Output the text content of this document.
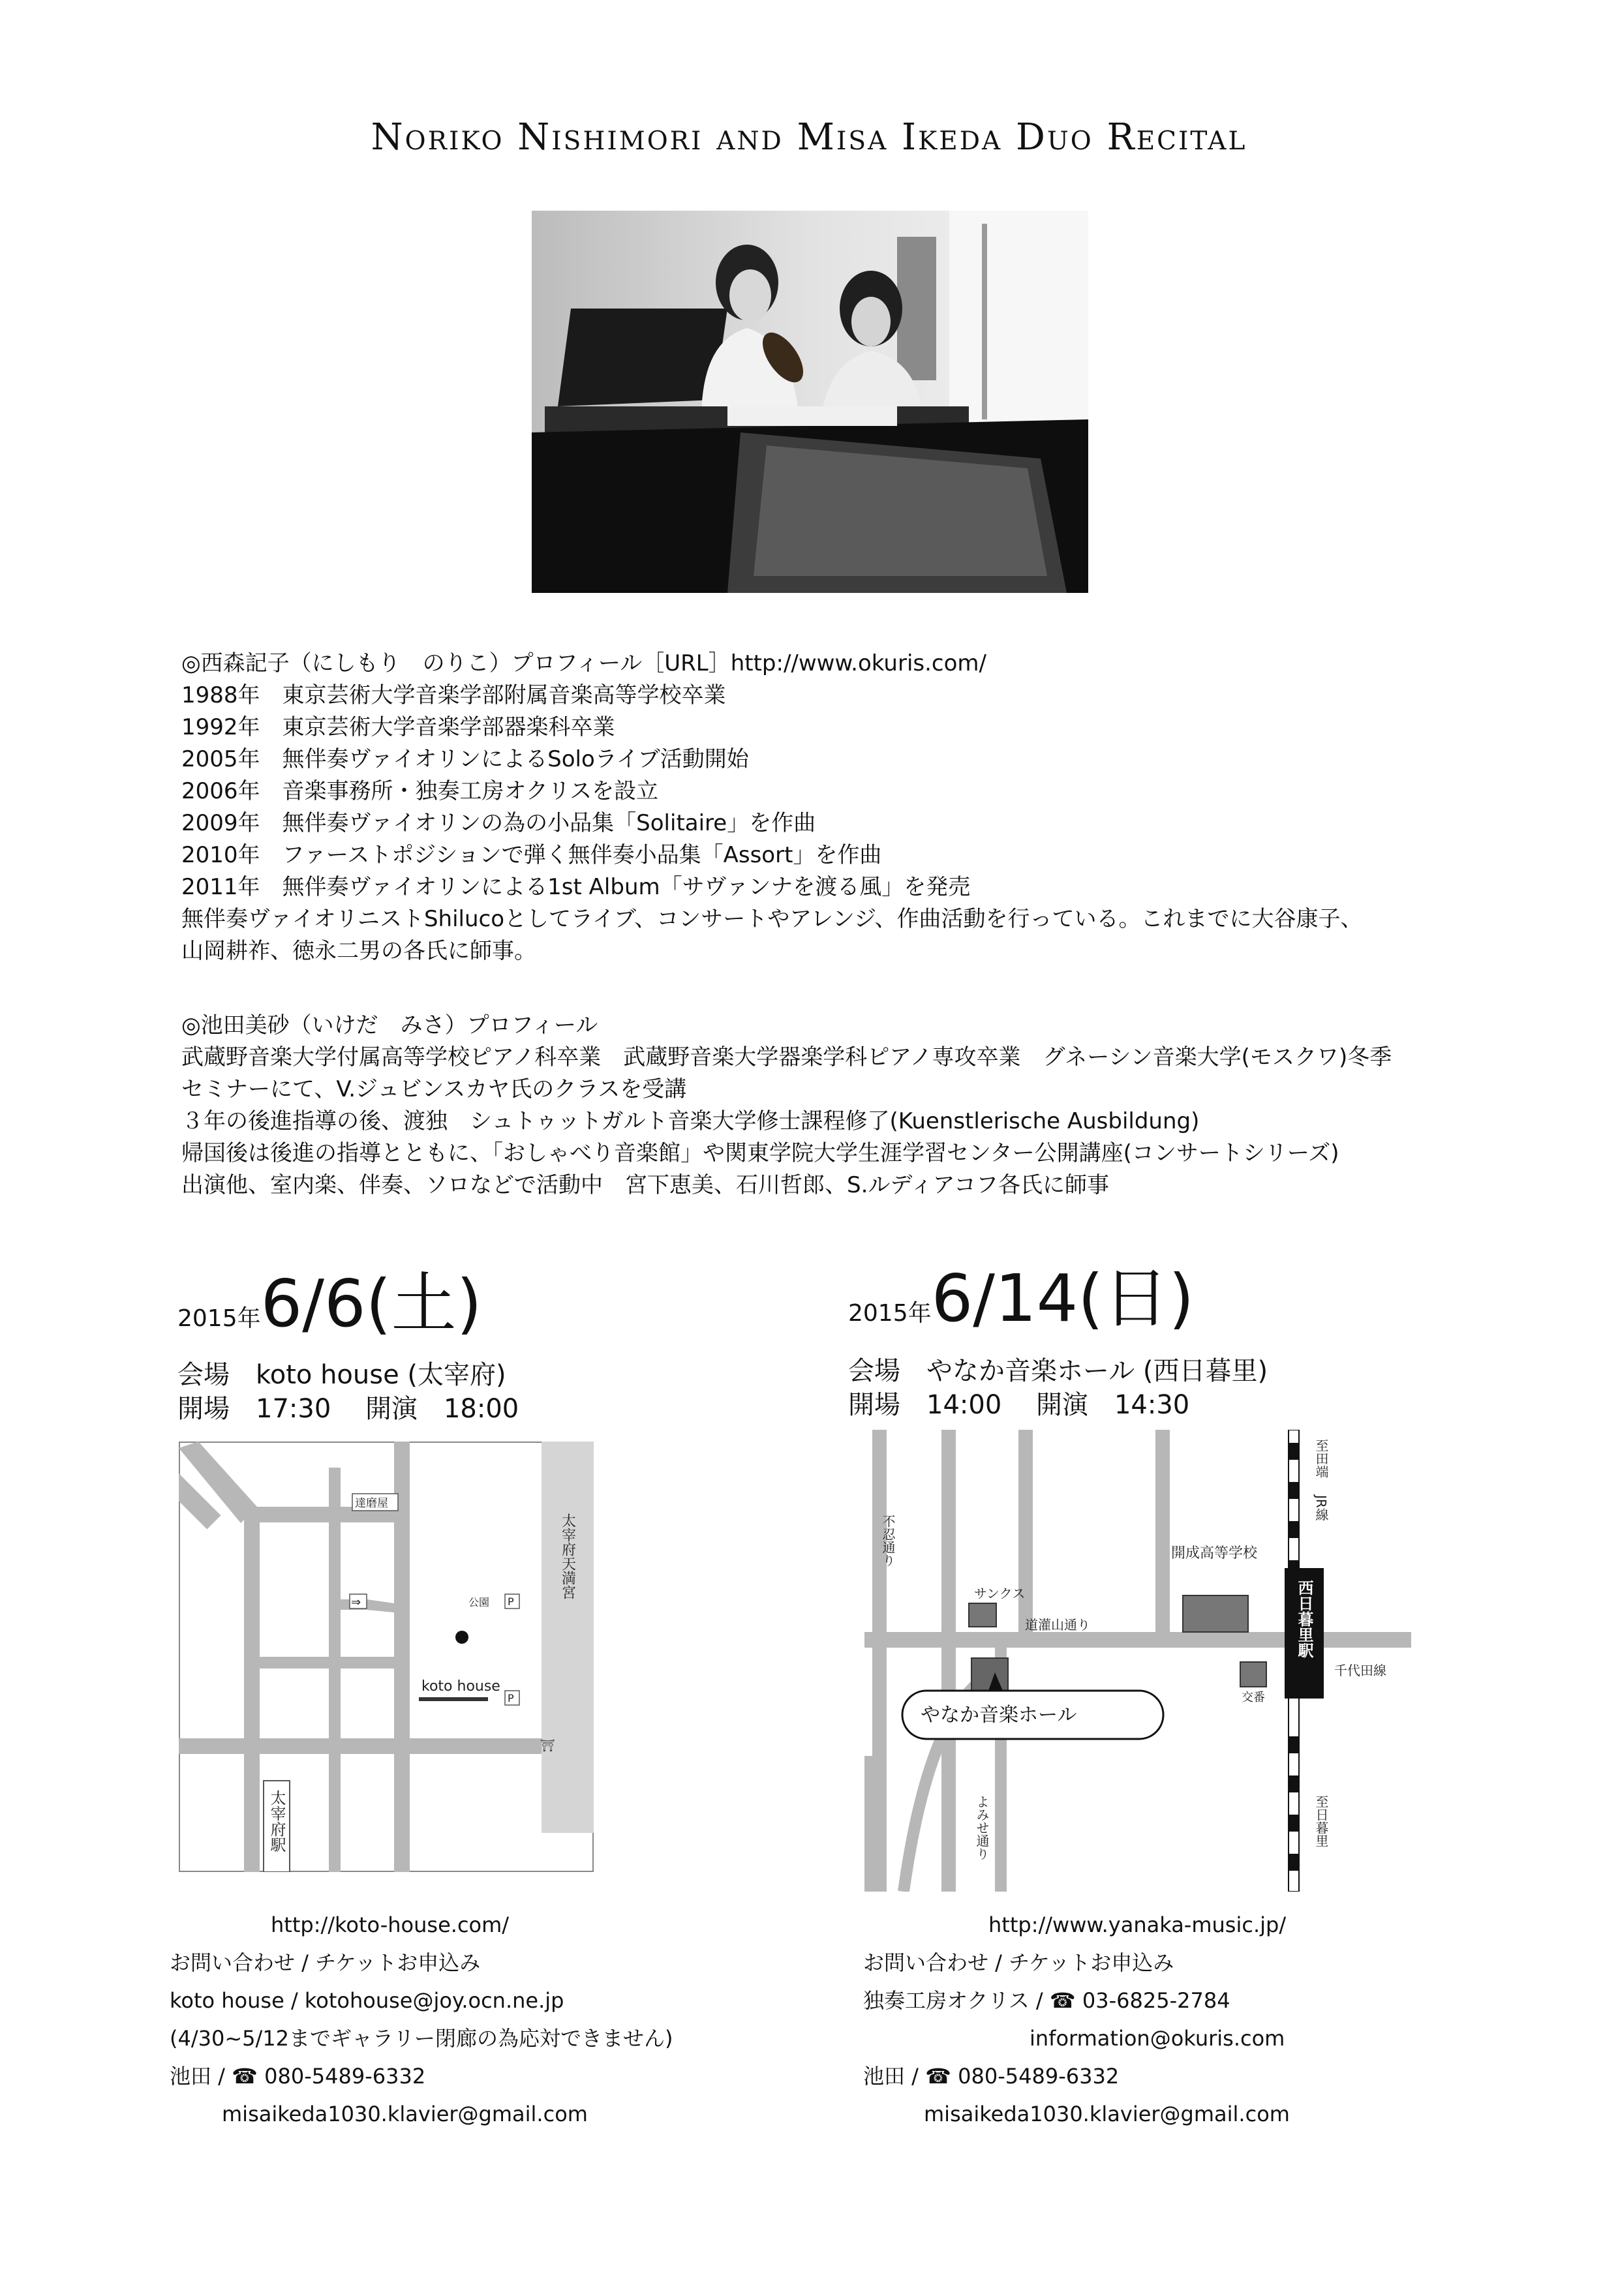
Noriko Nishimori and Misa Ikeda Duo Recital
◎西森記子（にしもり　のりこ）プロフィール［URL］http://www.okuris.com/
1988年　東京芸術大学音楽学部附属音楽高等学校卒業
1992年　東京芸術大学音楽学部器楽科卒業
2005年　無伴奏ヴァイオリンによるSoloライブ活動開始
2006年　音楽事務所・独奏工房オクリスを設立
2009年　無伴奏ヴァイオリンの為の小品集「Solitaire」を作曲
2010年　ファーストポジションで弾く無伴奏小品集「Assort」を作曲
2011年　無伴奏ヴァイオリンによる1st Album「サヴァンナを渡る風」を発売
無伴奏ヴァイオリニストShilucoとしてライブ、コンサートやアレンジ、作曲活動を行っている。これまでに大谷康子、
山岡耕祚、徳永二男の各氏に師事。
◎池田美砂（いけだ　みさ）プロフィール
武蔵野音楽大学付属高等学校ピアノ科卒業　武蔵野音楽大学器楽学科ピアノ専攻卒業　グネーシン音楽大学(モスクワ)冬季
セミナーにて、V.ジュビンスカヤ氏のクラスを受講
３年の後進指導の後、渡独　シュトゥットガルト音楽大学修士課程修了(Kuenstlerische Ausbildung)
帰国後は後進の指導とともに、「おしゃべり音楽館」や関東学院大学生涯学習センター公開講座(コンサートシリーズ)
出演他、室内楽、伴奏、ソロなどで活動中　宮下恵美、石川哲郎、S.ルディアコフ各氏に師事
2015年6/6(土)
会場　koto house (太宰府)
開場　17:30　 開演　18:00
2015年6/14(日)
会場　やなか音楽ホール (西日暮里)
開場　14:00　 開演　14:30
達磨屋
⇒	公園 P
P
koto house
⛩
太宰府天満宮
太宰府駅
不忍通り
サンクス
開成高等学校
道灌山通り
交番
西日暮里駅
千代田線
至田端
JR線
至日暮里
よみせ通り
やなか音楽ホール
http://koto-house.com/
お問い合わせ / チケットお申込み
koto house / kotohouse@joy.ocn.ne.jp
(4/30~5/12までギャラリー閉廊の為応対できません)
池田 / ☎ 080-5489-6332
misaikeda1030.klavier@gmail.com
http://www.yanaka-music.jp/
お問い合わせ / チケットお申込み
独奏工房オクリス / ☎ 03-6825-2784
information@okuris.com
池田 / ☎ 080-5489-6332
misaikeda1030.klavier@gmail.com
